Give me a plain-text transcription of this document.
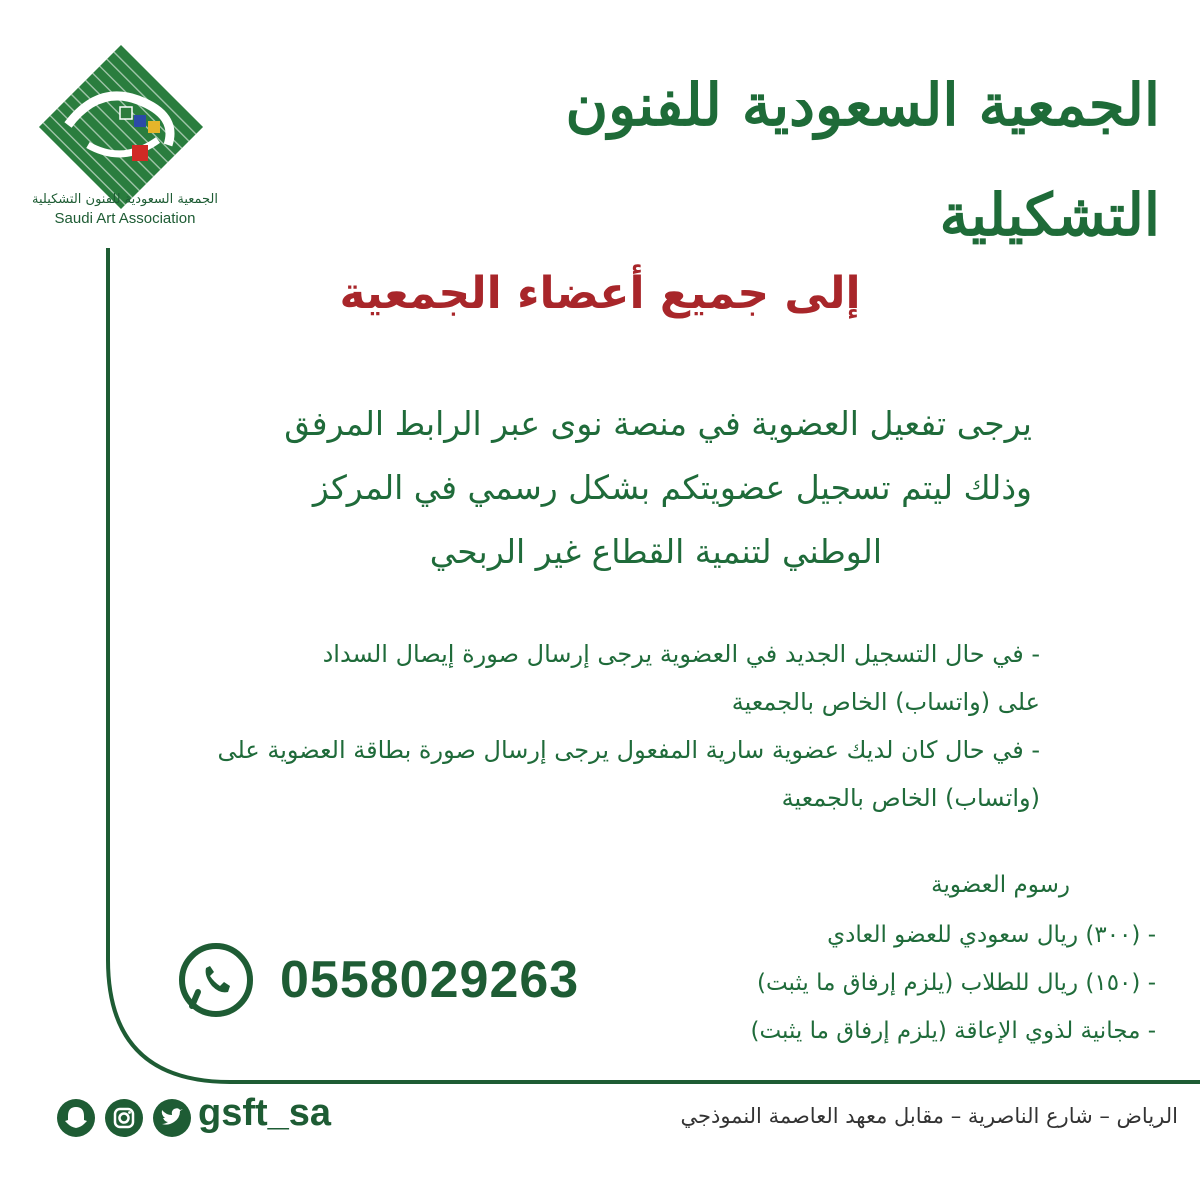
الجمعية السعودية للفنون التشكيلية
Saudi Art Association
الجمعية السعودية للفنون التشكيلية
إلى جميع أعضاء الجمعية
يرجى تفعيل العضوية في منصة نوى عبر الرابط المرفق
وذلك ليتم تسجيل عضويتكم بشكل رسمي في المركز
الوطني لتنمية القطاع غير الربحي
- في حال التسجيل الجديد في العضوية يرجى إرسال صورة إيصال السداد
على (واتساب) الخاص بالجمعية
- في حال كان لديك عضوية سارية المفعول يرجى إرسال صورة بطاقة العضوية على
(واتساب) الخاص بالجمعية
رسوم العضوية
- (٣٠٠) ريال سعودي للعضو العادي
- (١٥٠) ريال للطلاب (يلزم إرفاق ما يثبت)
- مجانية لذوي الإعاقة (يلزم إرفاق ما يثبت)
0558029263
gsft_sa	الرياض – شارع الناصرية – مقابل معهد العاصمة النموذجي
